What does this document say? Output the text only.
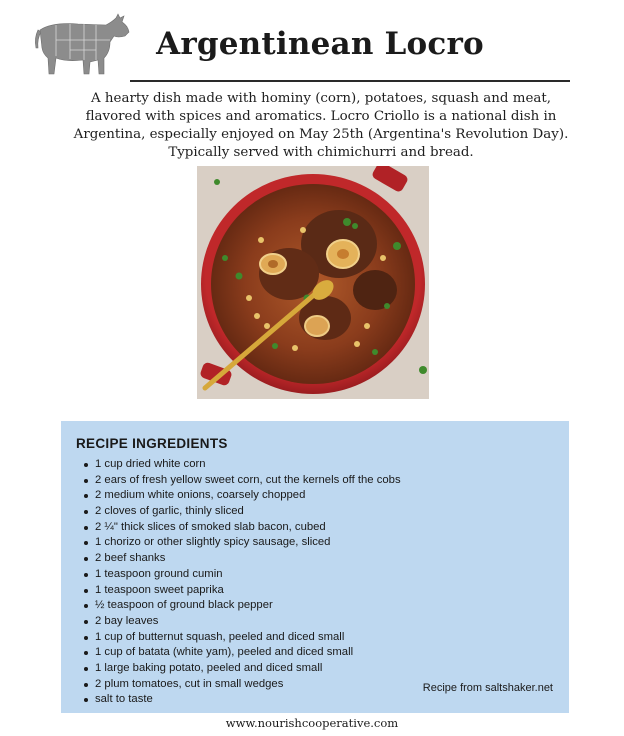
Argentinean Locro

A hearty dish made with hominy (corn), potatoes, squash and meat, flavored with spices and aromatics. Locro Criollo is a national dish in Argentina, especially enjoyed on May 25th (Argentina's Revolution Day). Typically served with chimichurri and bread.

RECIPE INGREDIENTS
1 cup dried white corn
2 ears of fresh yellow sweet corn, cut the kernels off the cobs
2 medium white onions, coarsely chopped
2 cloves of garlic, thinly sliced
2 ¼" thick slices of smoked slab bacon, cubed
1 chorizo or other slightly spicy sausage, sliced
2 beef shanks
1 teaspoon ground cumin
1 teaspoon sweet paprika
½ teaspoon of ground black pepper
2 bay leaves
1 cup of butternut squash, peeled and diced small
1 cup of batata (white yam), peeled and diced small
1 large baking potato, peeled and diced small
2 plum tomatoes, cut in small wedges
salt to taste
Recipe from saltshaker.net
www.nourishcooperative.com
